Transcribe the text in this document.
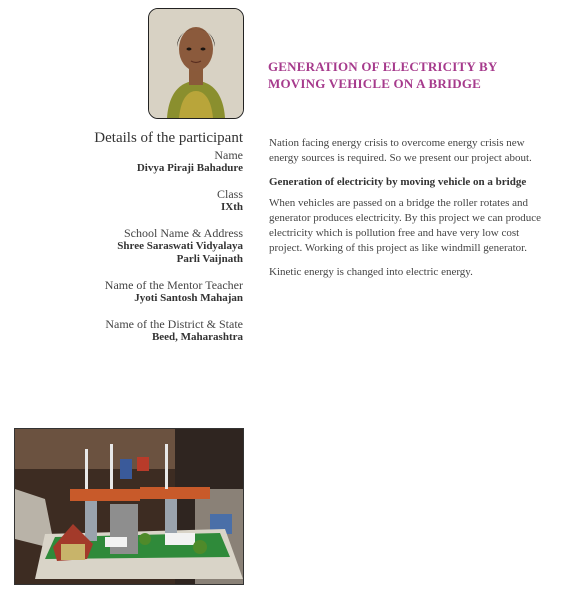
GENERATION OF ELECTRICITY BY
MOVING VEHICLE ON A BRIDGE
Details of the participant
Name
Divya Piraji Bahadure
Class
IXth
School Name & Address
Shree Saraswati Vidyalaya
Parli Vaijnath
Name of the Mentor Teacher
Jyoti Santosh Mahajan
Name of the District & State
Beed, Maharashtra

Nation facing energy crisis to overcome energy crisis new energy sources is required. So we present our project about.

Generation of electricity by moving vehicle on a bridge

When vehicles are passed on a bridge the roller rotates and generator produces electricity. By this project we can produce electricity which is pollution free and have very low cost project. Working of this project as like windmill generator.

Kinetic energy is changed into electric energy.
